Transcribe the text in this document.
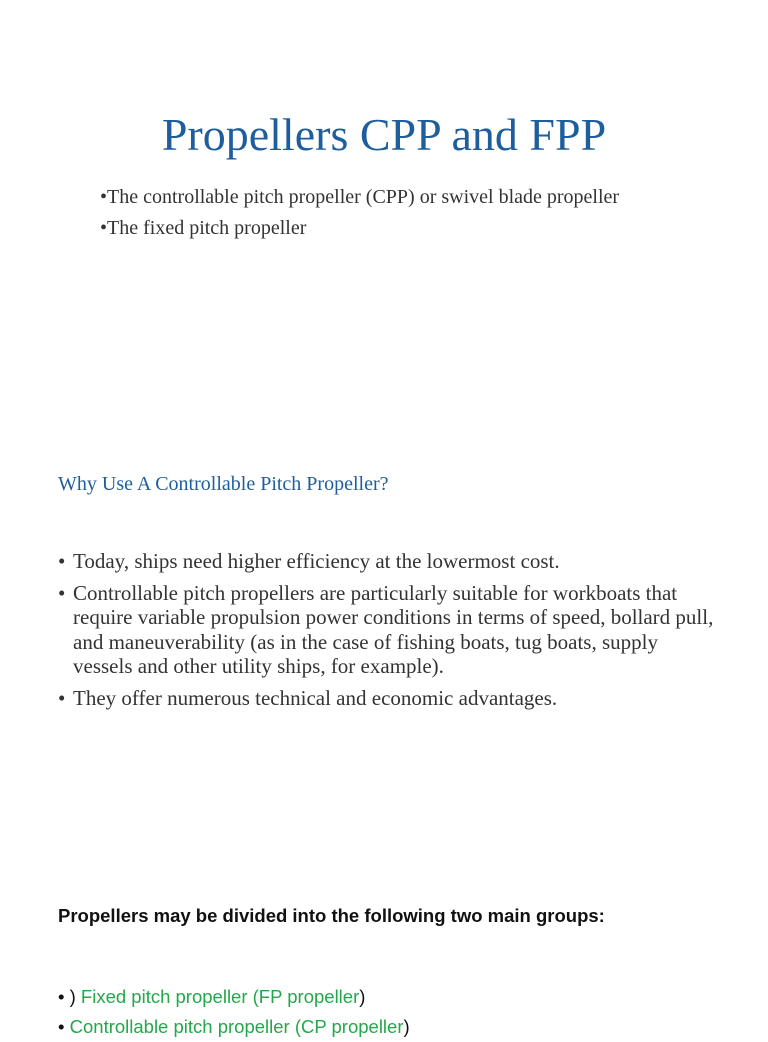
Propellers CPP and FPP
•The controllable pitch propeller (CPP) or swivel blade propeller
•The fixed pitch propeller
Why Use A Controllable Pitch Propeller?
• Today, ships need higher efficiency at the lowermost cost.
• Controllable pitch propellers are particularly suitable for workboats that require variable propulsion power conditions in terms of speed, bollard pull, and maneuverability (as in the case of fishing boats, tug boats, supply vessels and other utility ships, for example).
• They offer numerous technical and economic advantages.
Propellers may be divided into the following two main groups:
• ) Fixed pitch propeller (FP propeller)
• Controllable pitch propeller (CP propeller)
